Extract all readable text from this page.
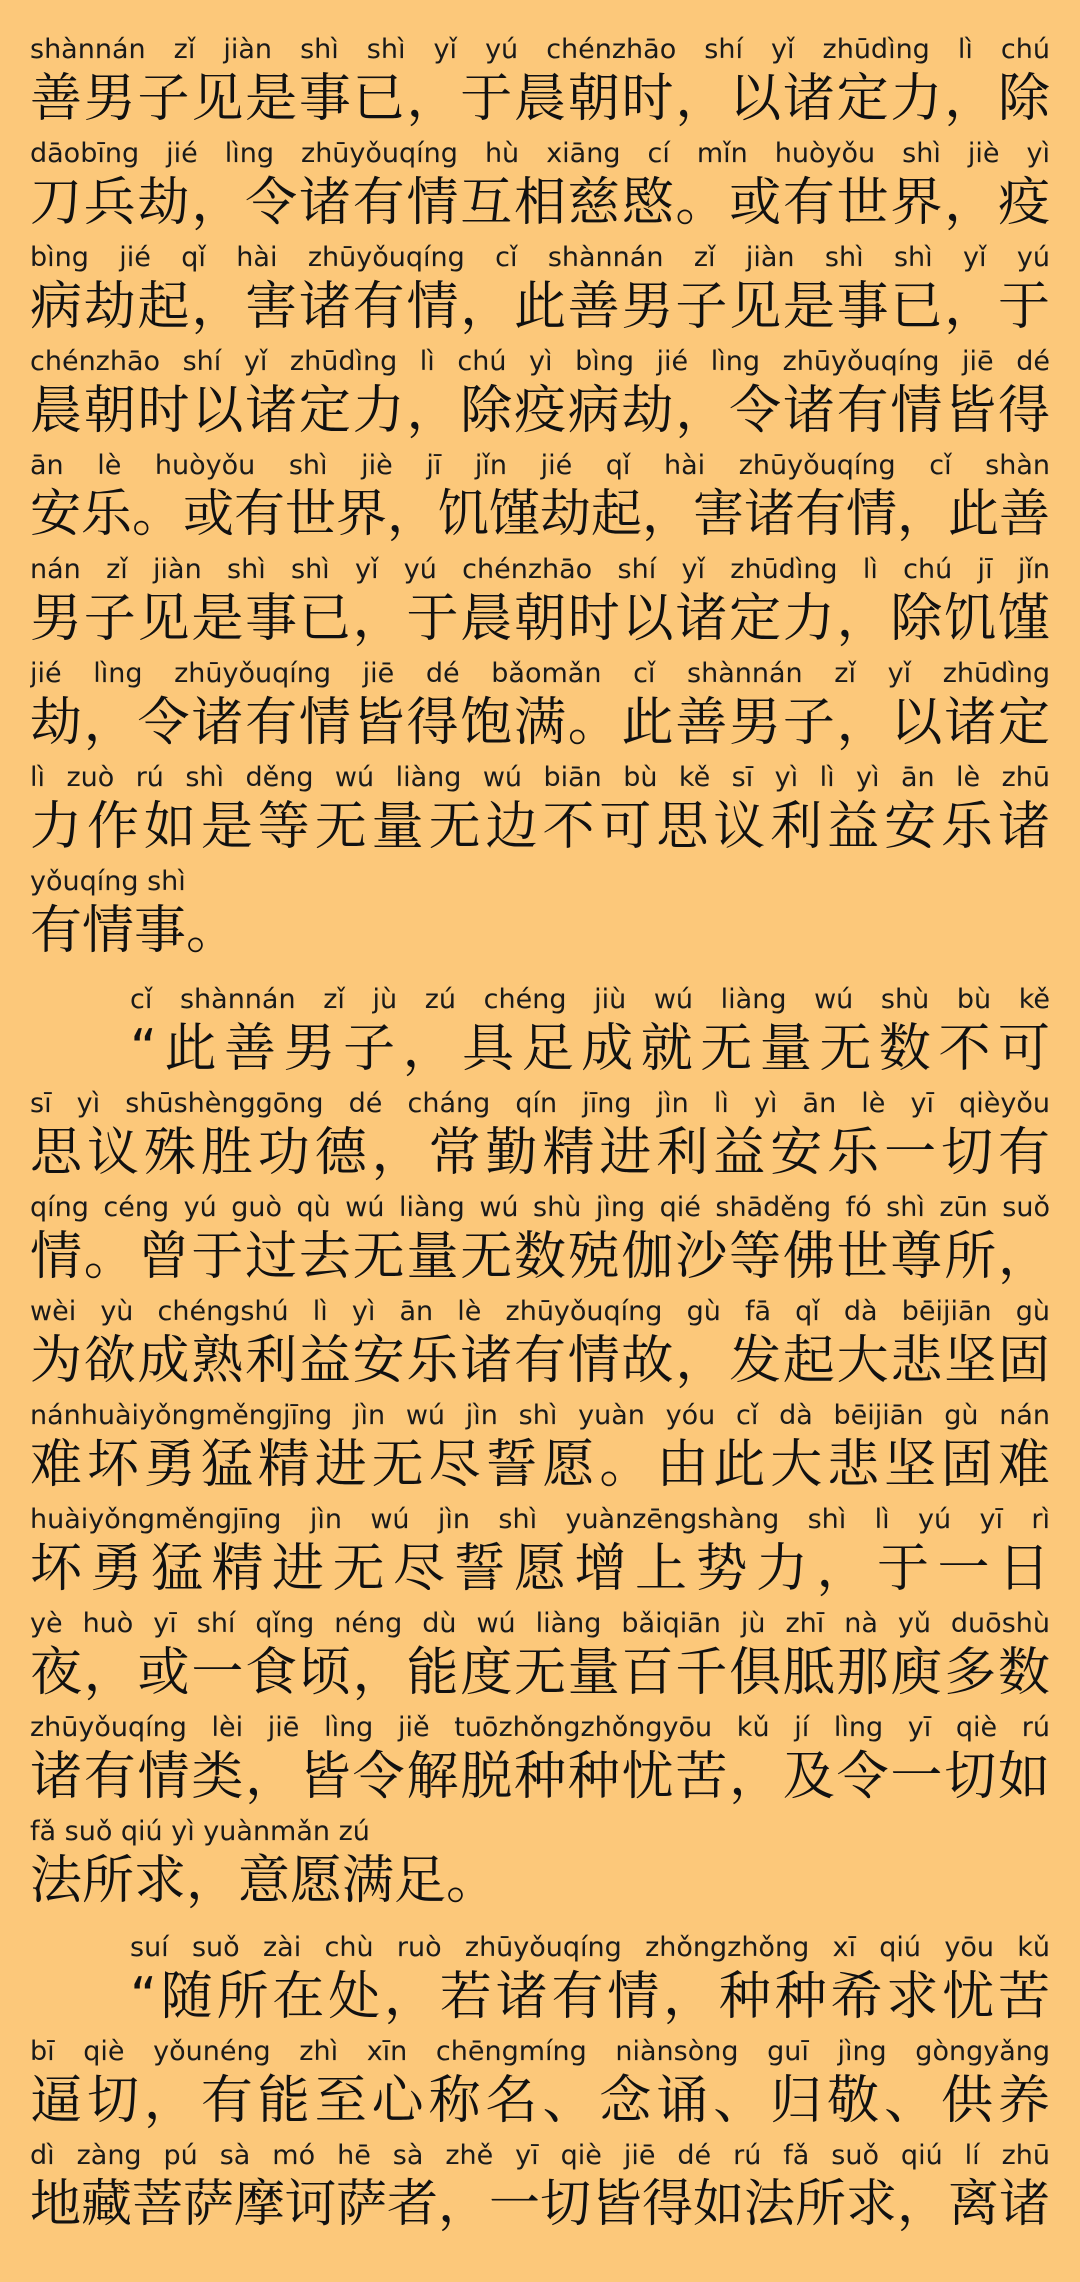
shànnán zǐ jiàn shì shì yǐ yú chénzhāo shí yǐ zhūdìng lì chú
善男子见是事已，于晨朝时，以诸定力，除
dāobīng jié lìng zhūyǒuqíng hù xiāng cí mǐn huòyǒu shì jiè yì
刀兵劫，令诸有情互相慈愍。或有世界，疫
bìng jié qǐ hài zhūyǒuqíng cǐ shànnán zǐ jiàn shì shì yǐ yú
病劫起，害诸有情，此善男子见是事已，于
chénzhāo shí yǐ zhūdìng lì chú yì bìng jié lìng zhūyǒuqíng jiē dé
晨朝时以诸定力，除疫病劫，令诸有情皆得
ān lè huòyǒu shì jiè jī jǐn jié qǐ hài zhūyǒuqíng cǐ shàn
安乐。或有世界，饥馑劫起，害诸有情，此善
nán zǐ jiàn shì shì yǐ yú chénzhāo shí yǐ zhūdìng lì chú jī jǐn
男子见是事已，于晨朝时以诸定力，除饥馑
jié lìng zhūyǒuqíng jiē dé bǎomǎn cǐ shànnán zǐ yǐ zhūdìng
劫，令诸有情皆得饱满。此善男子，以诸定
lì zuò rú shì děng wú liàng wú biān bù kě sī yì lì yì ān lè zhū
力作如是等无量无边不可思议利益安乐诸
yǒuqíng shì
有情事。
cǐ shànnán zǐ jù zú chéng jiù wú liàng wú shù bù kě
“此善男子，具足成就无量无数不可
sī yì shūshènggōng dé cháng qín jīng jìn lì yì ān lè yī qièyǒu
思议殊胜功德，常勤精进利益安乐一切有
qíng céng yú guò qù wú liàng wú shù jìng qié shāděng fó shì zūn suǒ
情。曾于过去无量无数殑伽沙等佛世尊所，
wèi yù chéngshú lì yì ān lè zhūyǒuqíng gù fā qǐ dà bēijiān gù
为欲成熟利益安乐诸有情故，发起大悲坚固
nánhuàiyǒngměngjīng jìn wú jìn shì yuàn yóu cǐ dà bēijiān gù nán
难坏勇猛精进无尽誓愿。由此大悲坚固难
huàiyǒngměngjīng jìn wú jìn shì yuànzēngshàng shì lì yú yī rì
坏勇猛精进无尽誓愿增上势力，于一日
yè huò yī shí qǐng néng dù wú liàng bǎiqiān jù zhī nà yǔ duōshù
夜，或一食顷，能度无量百千俱胝那庾多数
zhūyǒuqíng lèi jiē lìng jiě tuōzhǒngzhǒngyōu kǔ jí lìng yī qiè rú
诸有情类，皆令解脱种种忧苦，及令一切如
fǎ suǒ qiú yì yuànmǎn zú
法所求，意愿满足。
suí suǒ zài chù ruò zhūyǒuqíng zhǒngzhǒng xī qiú yōu kǔ
“随所在处，若诸有情，种种希求忧苦
bī qiè yǒunéng zhì xīn chēngmíng niànsòng guī jìng gòngyǎng
逼切，有能至心称名、念诵、归敬、供养
dì zàng pú sà mó hē sà zhě yī qiè jiē dé rú fǎ suǒ qiú lí zhū
地藏菩萨摩诃萨者，一切皆得如法所求，离诸
